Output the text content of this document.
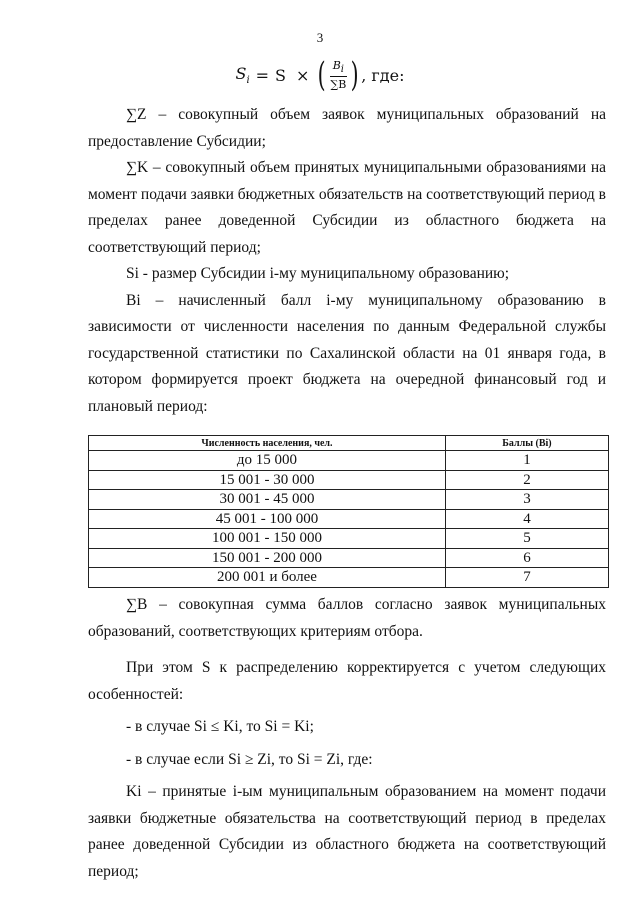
3
$S_i = S$ × ( $\frac{B_i}{\sum В}$ ) , где:

∑Z – совокупный объем заявок муниципальных образований на предоставление Субсидии;

∑K – совокупный объем принятых муниципальными образованиями на момент подачи заявки бюджетных обязательств на соответствующий период в пределах ранее доведенной Субсидии из областного бюджета на соответствующий период;

Si - размер Субсидии i-му муниципальному образованию;

Bi – начисленный балл i-му муниципальному образованию в зависимости от численности населения по данным Федеральной службы государственной статистики по Сахалинской области на 01 января года, в котором формируется проект бюджета на очередной финансовый год и плановый период:

Численность населения, чел.	Баллы (Bi)
до 15 000	1
15 001 - 30 000	2
30 001 - 45 000	3
45 001 - 100 000	4
100 001 - 150 000	5
150 001 - 200 000	6
200 001 и более	7

∑B – совокупная сумма баллов согласно заявок муниципальных образований, соответствующих критериям отбора.

При этом S к распределению корректируется с учетом следующих особенностей:

- в случае Si ≤ Ki, то Si = Ki;

- в случае если Si ≥ Zi, то Si = Zi, где:

Ki – принятые i-ым муниципальным образованием на момент подачи заявки бюджетные обязательства на соответствующий период в пределах ранее доведенной Субсидии из областного бюджета на соответствующий период;
